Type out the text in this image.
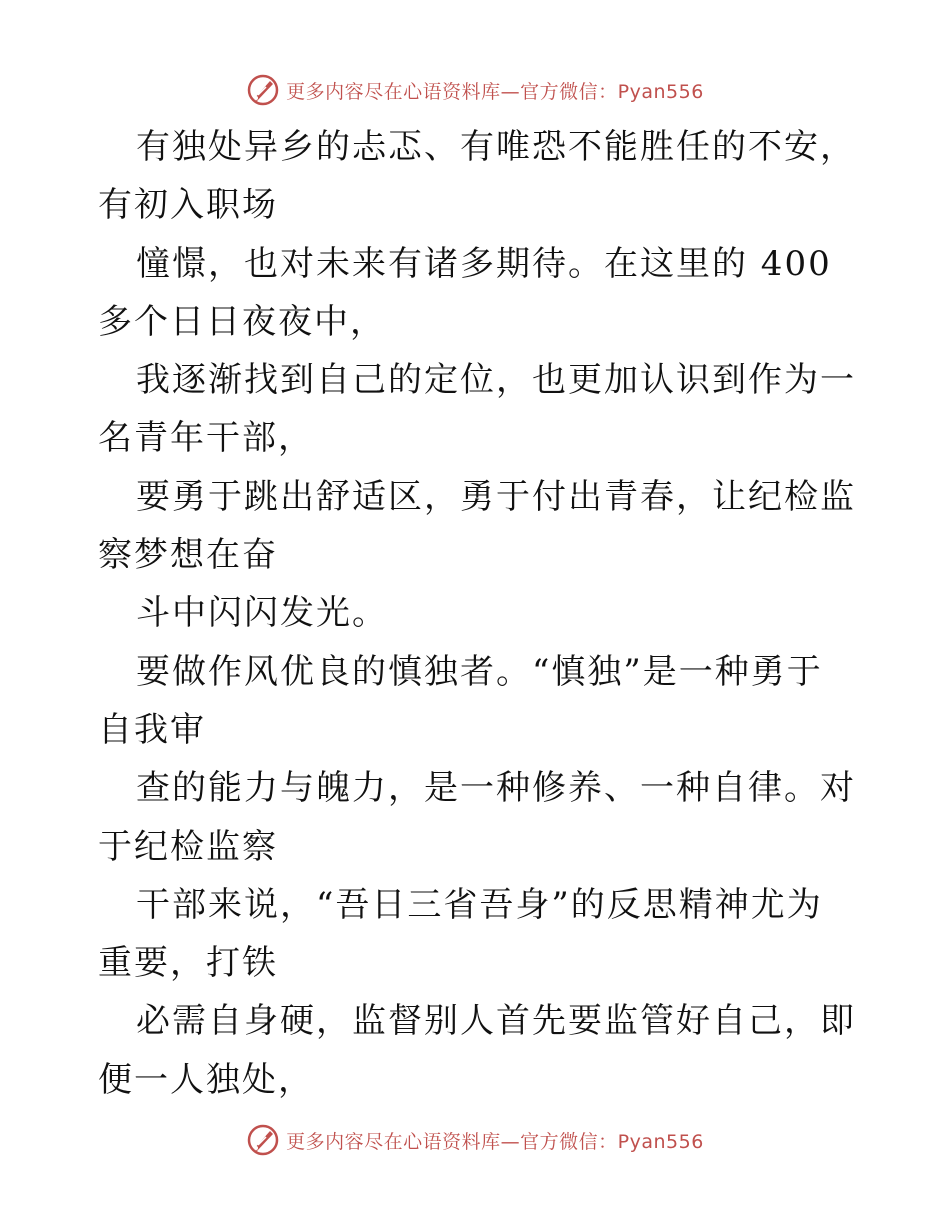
更多内容尽在心语资料库—官方微信：Pyan556

有独处异乡的忐忑、有唯恐不能胜任的不安，有初入职场

憧憬，也对未来有诸多期待。在这里的 400 多个日日夜夜中，

我逐渐找到自己的定位，也更加认识到作为一名青年干部，

要勇于跳出舒适区，勇于付出青春，让纪检监察梦想在奋

斗中闪闪发光。

要做作风优良的慎独者。“慎独”是一种勇于自我审

查的能力与魄力，是一种修养、一种自律。对于纪检监察

干部来说，“吾日三省吾身”的反思精神尤为重要，打铁

必需自身硬，监督别人首先要监管好自己，即便一人独处，

更多内容尽在心语资料库—官方微信：Pyan556
